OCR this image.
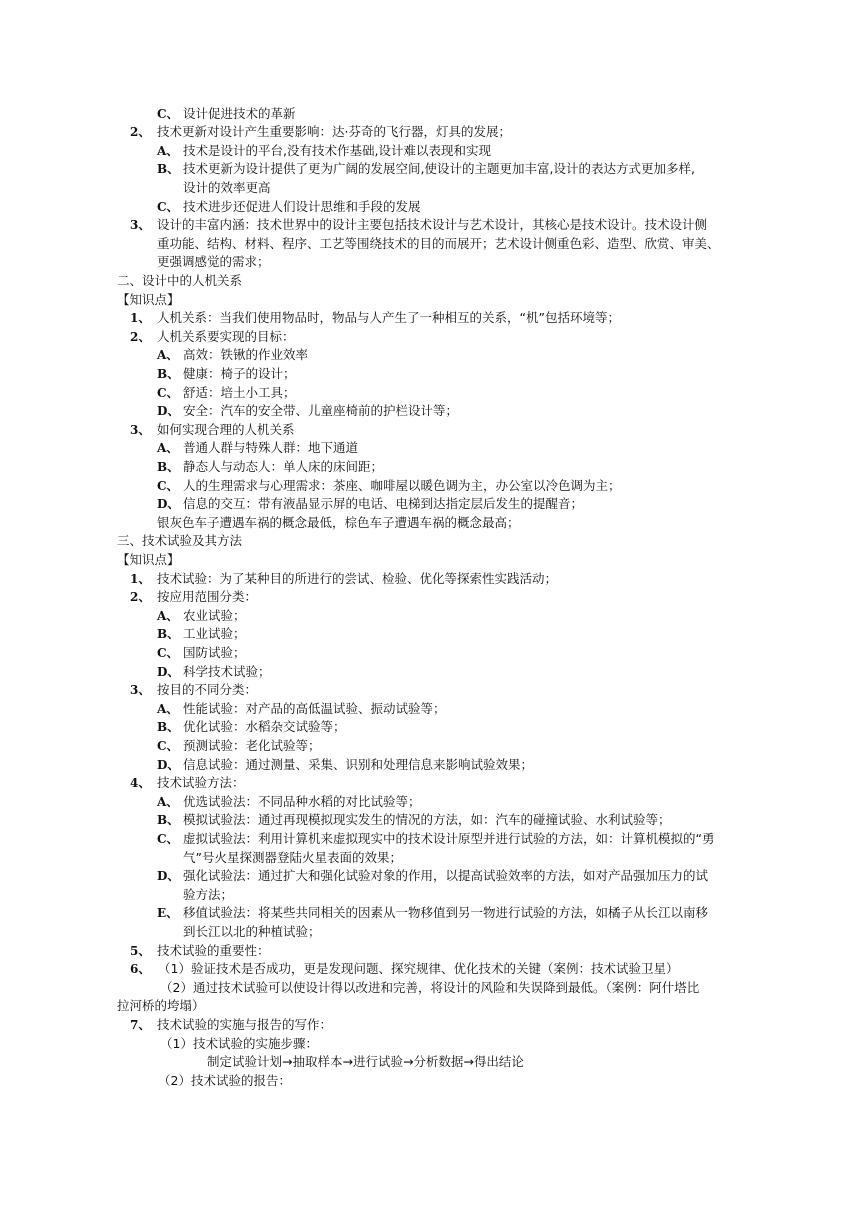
C、 设计促进技术的革新
2、 技术更新对设计产生重要影响：达·芬奇的飞行器，灯具的发展；
A、 技术是设计的平台,没有技术作基础,设计难以表现和实现
B、 技术更新为设计提供了更为广阔的发展空间,使设计的主题更加丰富,设计的表达方式更加多样,
设计的效率更高
C、 技术进步还促进人们设计思维和手段的发展
3、 设计的丰富内涵：技术世界中的设计主要包括技术设计与艺术设计，其核心是技术设计。技术设计侧
重功能、结构、材料、程序、工艺等围绕技术的目的而展开；艺术设计侧重色彩、造型、欣赏、审美、
更强调感觉的需求；
二、设计中的人机关系
【知识点】
1、 人机关系：当我们使用物品时，物品与人产生了一种相互的关系，“机”包括环境等；
2、 人机关系要实现的目标：
A、 高效：铁锹的作业效率
B、 健康：椅子的设计；
C、 舒适：培土小工具；
D、 安全：汽车的安全带、儿童座椅前的护栏设计等；
3、 如何实现合理的人机关系
A、 普通人群与特殊人群：地下通道
B、 静态人与动态人：单人床的床间距；
C、 人的生理需求与心理需求：茶座、咖啡屋以暖色调为主，办公室以冷色调为主；
D、 信息的交互：带有液晶显示屏的电话、电梯到达指定层后发生的提醒音；
银灰色车子遭遇车祸的概念最低，棕色车子遭遇车祸的概念最高；
三、技术试验及其方法
【知识点】
1、 技术试验：为了某种目的所进行的尝试、检验、优化等探索性实践活动；
2、 按应用范围分类：
A、 农业试验；
B、 工业试验；
C、 国防试验；
D、 科学技术试验；
3、 按目的不同分类：
A、 性能试验：对产品的高低温试验、振动试验等；
B、 优化试验：水稻杂交试验等；
C、 预测试验：老化试验等；
D、 信息试验：通过测量、采集、识别和处理信息来影响试验效果；
4、 技术试验方法：
A、 优选试验法：不同品种水稻的对比试验等；
B、 模拟试验法：通过再现模拟现实发生的情况的方法，如：汽车的碰撞试验、水利试验等；
C、 虚拟试验法：利用计算机来虚拟现实中的技术设计原型并进行试验的方法，如：计算机模拟的“勇
气”号火星探测器登陆火星表面的效果；
D、 强化试验法：通过扩大和强化试验对象的作用，以提高试验效率的方法，如对产品强加压力的试
验方法；
E、 移值试验法：将某些共同相关的因素从一物移值到另一物进行试验的方法，如橘子从长江以南移
到长江以北的种植试验；
5、 技术试验的重要性：
6、 （1）验证技术是否成功，更是发现问题、探究规律、优化技术的关键（案例：技术试验卫星）
（2）通过技术试验可以使设计得以改进和完善，将设计的风险和失误降到最低。（案例：阿什塔比
拉河桥的垮塌）
7、 技术试验的实施与报告的写作：
（1）技术试验的实施步骤：
制定试验计划→抽取样本→进行试验→分析数据→得出结论
（2）技术试验的报告：
